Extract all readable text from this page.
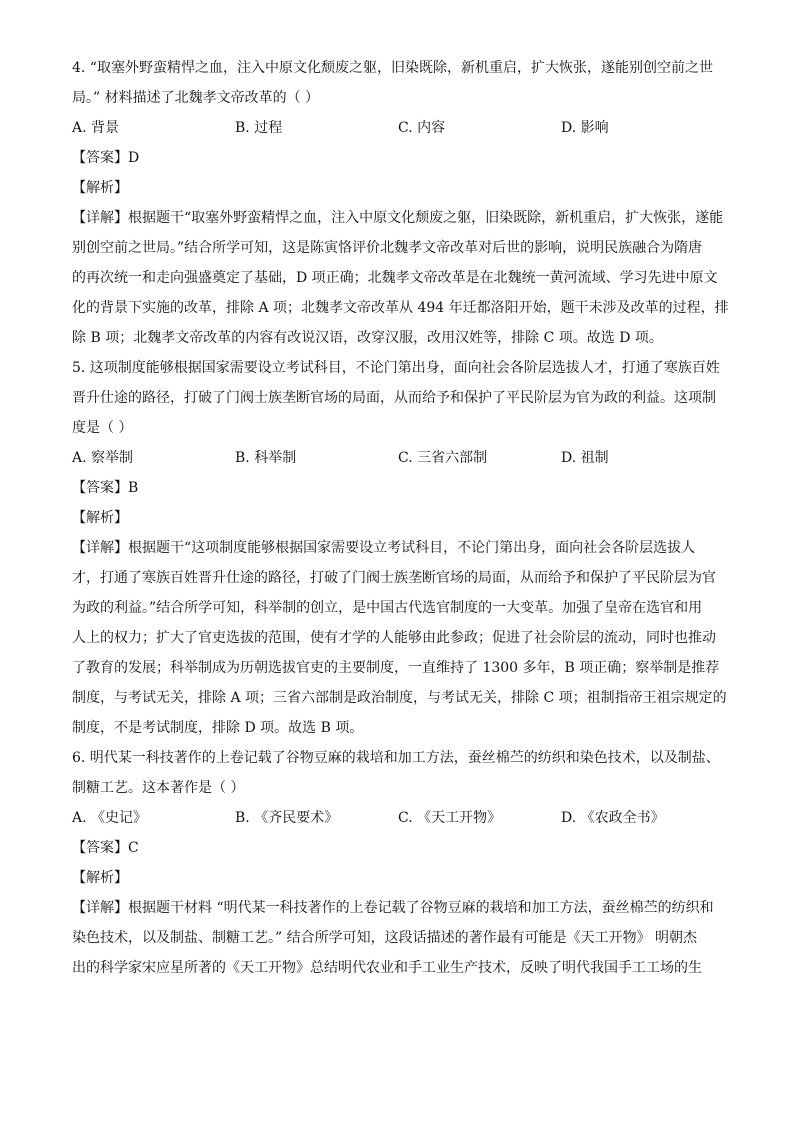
4. “取塞外野蛮精悍之血，注入中原文化颓废之躯，旧染既除，新机重启，扩大恢张，遂能别创空前之世
局。” 材料描述了北魏孝文帝改革的（ ）
A. 背景	B. 过程	C. 内容	D. 影响
【答案】D
【解析】
【详解】根据题干“取塞外野蛮精悍之血，注入中原文化颓废之躯，旧染既除，新机重启，扩大恢张，遂能
别创空前之世局。”结合所学可知，这是陈寅恪评价北魏孝文帝改革对后世的影响，说明民族融合为隋唐
的再次统一和走向强盛奠定了基础，D 项正确；北魏孝文帝改革是在北魏统一黄河流域、学习先进中原文
化的背景下实施的改革，排除 A 项；北魏孝文帝改革从 494 年迁都洛阳开始，题干未涉及改革的过程，排
除 B 项；北魏孝文帝改革的内容有改说汉语，改穿汉服，改用汉姓等，排除 C 项。故选 D 项。
5. 这项制度能够根据国家需要设立考试科目，不论门第出身，面向社会各阶层选拔人才，打通了寒族百姓
晋升仕途的路径，打破了门阀士族垄断官场的局面，从而给予和保护了平民阶层为官为政的利益。这项制
度是（ ）
A. 察举制	B. 科举制	C. 三省六部制	D. 祖制
【答案】B
【解析】
【详解】根据题干“这项制度能够根据国家需要设立考试科目，不论门第出身，面向社会各阶层选拔人
才，打通了寒族百姓晋升仕途的路径，打破了门阀士族垄断官场的局面，从而给予和保护了平民阶层为官
为政的利益。”结合所学可知，科举制的创立，是中国古代选官制度的一大变革。加强了皇帝在选官和用
人上的权力；扩大了官吏选拔的范围，使有才学的人能够由此参政；促进了社会阶层的流动，同时也推动
了教育的发展；科举制成为历朝选拔官吏的主要制度，一直维持了 1300 多年，B 项正确；察举制是推荐
制度，与考试无关，排除 A 项；三省六部制是政治制度，与考试无关，排除 C 项；祖制指帝王祖宗规定的
制度，不是考试制度，排除 D 项。故选 B 项。
6. 明代某一科技著作的上卷记载了谷物豆麻的栽培和加工方法，蚕丝棉苎的纺织和染色技术，以及制盐、
制糖工艺。这本著作是（ ）
A. 《史记》	B. 《齐民要术》	C. 《天工开物》	D. 《农政全书》
【答案】C
【解析】
【详解】根据题干材料 “明代某一科技著作的上卷记载了谷物豆麻的栽培和加工方法，蚕丝棉苎的纺织和
染色技术，以及制盐、制糖工艺。” 结合所学可知，这段话描述的著作最有可能是《天工开物》 明朝杰
出的科学家宋应星所著的《天工开物》总结明代农业和手工业生产技术，反映了明代我国手工工场的生
